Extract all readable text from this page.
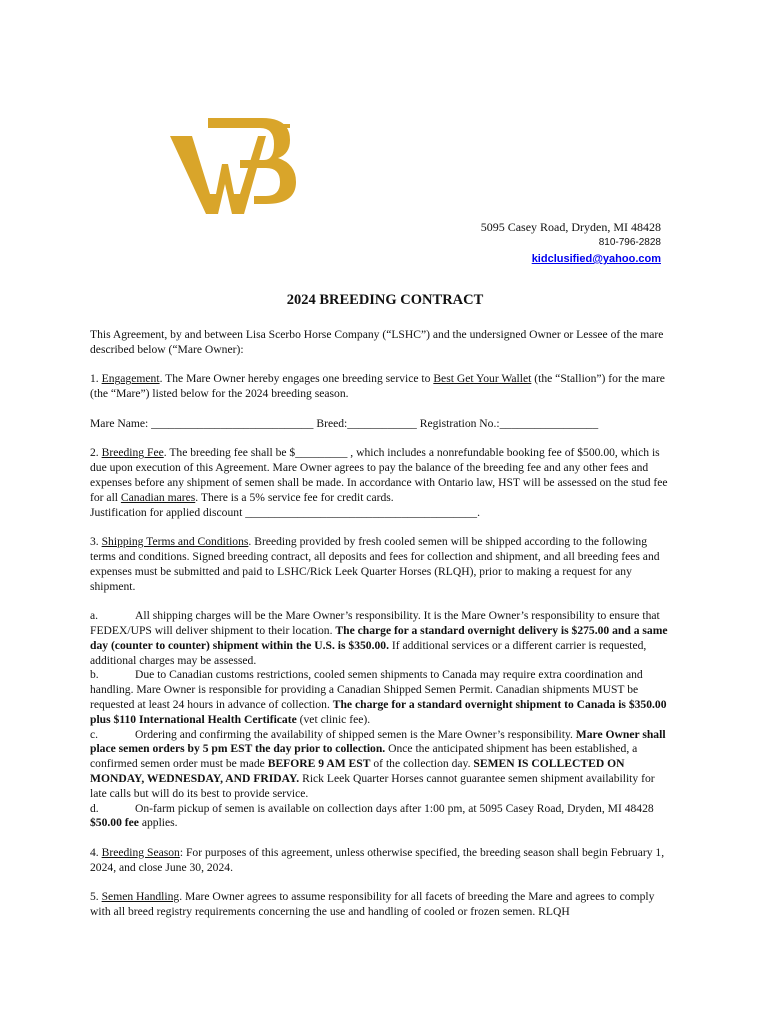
5095 Casey Road, Dryden, MI 48428
810-796-2828
kidclusified@yahoo.com
2024 BREEDING CONTRACT

This Agreement, by and between Lisa Scerbo Horse Company (“LSHC”) and the undersigned Owner or Lessee of the mare described below (“Mare Owner):

1. Engagement. The Mare Owner hereby engages one breeding service to Best Get Your Wallet (the “Stallion”) for the mare (the “Mare”) listed below for the 2024 breeding season.

Mare Name: ____________________________ Breed:____________ Registration No.:_________________

2. Breeding Fee. The breeding fee shall be $_________ , which includes a nonrefundable booking fee of $500.00, which is due upon execution of this Agreement. Mare Owner agrees to pay the balance of the breeding fee and any other fees and expenses before any shipment of semen shall be made. In accordance with Ontario law, HST will be assessed on the stud fee for all Canadian mares. There is a 5% service fee for credit cards.
Justification for applied discount ________________________________________.

3. Shipping Terms and Conditions. Breeding provided by fresh cooled semen will be shipped according to the following terms and conditions. Signed breeding contract, all deposits and fees for collection and shipment, and all breeding fees and expenses must be submitted and paid to LSHC/Rick Leek Quarter Horses (RLQH), prior to making a request for any shipment.

a.	All shipping charges will be the Mare Owner’s responsibility. It is the Mare Owner’s responsibility to ensure that FEDEX/UPS will deliver shipment to their location. The charge for a standard overnight delivery is $275.00 and a same day (counter to counter) shipment within the U.S. is $350.00. If additional services or a different carrier is requested, additional charges may be assessed.

b.	Due to Canadian customs restrictions, cooled semen shipments to Canada may require extra coordination and handling. Mare Owner is responsible for providing a Canadian Shipped Semen Permit. Canadian shipments MUST be requested at least 24 hours in advance of collection. The charge for a standard overnight shipment to Canada is $350.00 plus $110 International Health Certificate (vet clinic fee).

c.	Ordering and confirming the availability of shipped semen is the Mare Owner’s responsibility. Mare Owner shall place semen orders by 5 pm EST the day prior to collection. Once the anticipated shipment has been established, a confirmed semen order must be made BEFORE 9 AM EST of the collection day. SEMEN IS COLLECTED ON MONDAY, WEDNESDAY, AND FRIDAY. Rick Leek Quarter Horses cannot guarantee semen shipment availability for late calls but will do its best to provide service.

d.	On-farm pickup of semen is available on collection days after 1:00 pm, at 5095 Casey Road, Dryden, MI 48428 $50.00 fee applies.

4. Breeding Season: For purposes of this agreement, unless otherwise specified, the breeding season shall begin February 1, 2024, and close June 30, 2024.

5. Semen Handling. Mare Owner agrees to assume responsibility for all facets of breeding the Mare and agrees to comply with all breed registry requirements concerning the use and handling of cooled or frozen semen. RLQH
